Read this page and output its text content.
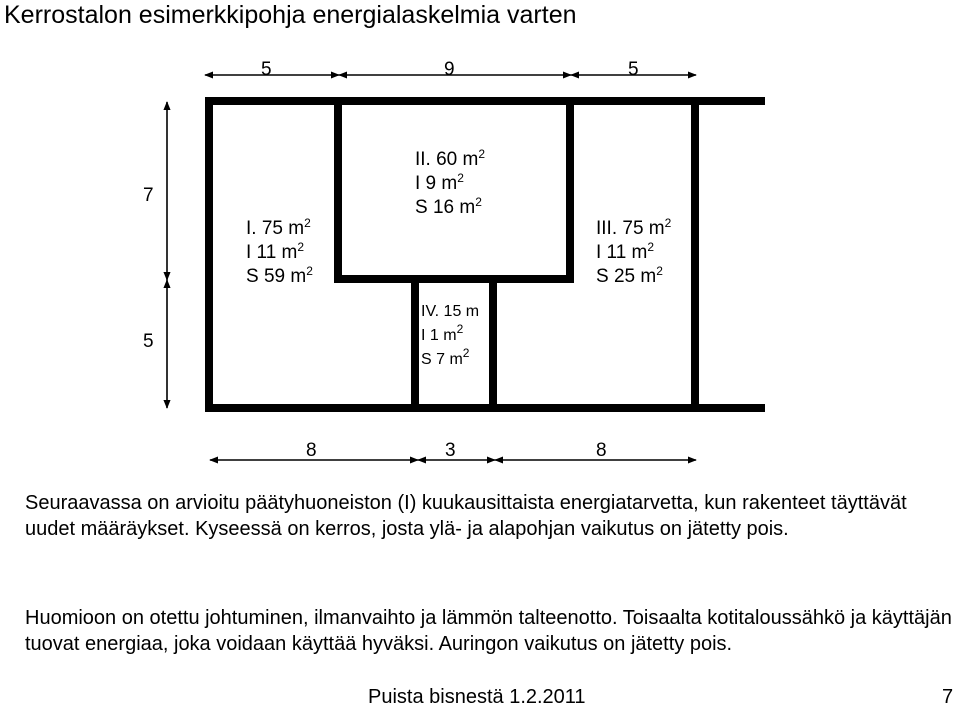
Kerrostalon esimerkkipohja energialaskelmia varten
5	9	5
7
5
8	3	8
I. 75 $m^2$
I 11 $m^2$
S 59 $m^2$
II. 60 $m^2$
I 9 $m^2$
S 16 $m^2$
III. 75 $m^2$
I 11 $m^2$
S 25 $m^2$
IV. 15 m
I 1 $m^2$
S 7 $m^2$

Seuraavassa on arvioitu päätyhuoneiston (I) kuukausittaista energiatarvetta, kun rakenteet täyttävät uudet määräykset. Kyseessä on kerros, josta ylä- ja alapohjan vaikutus on jätetty pois.

Huomioon on otettu johtuminen, ilmanvaihto ja lämmön talteenotto. Toisaalta kotitaloussähkö ja käyttäjän tuovat energiaa, joka voidaan käyttää hyväksi. Auringon vaikutus on jätetty pois.

Puista bisnestä 1.2.2011	7
